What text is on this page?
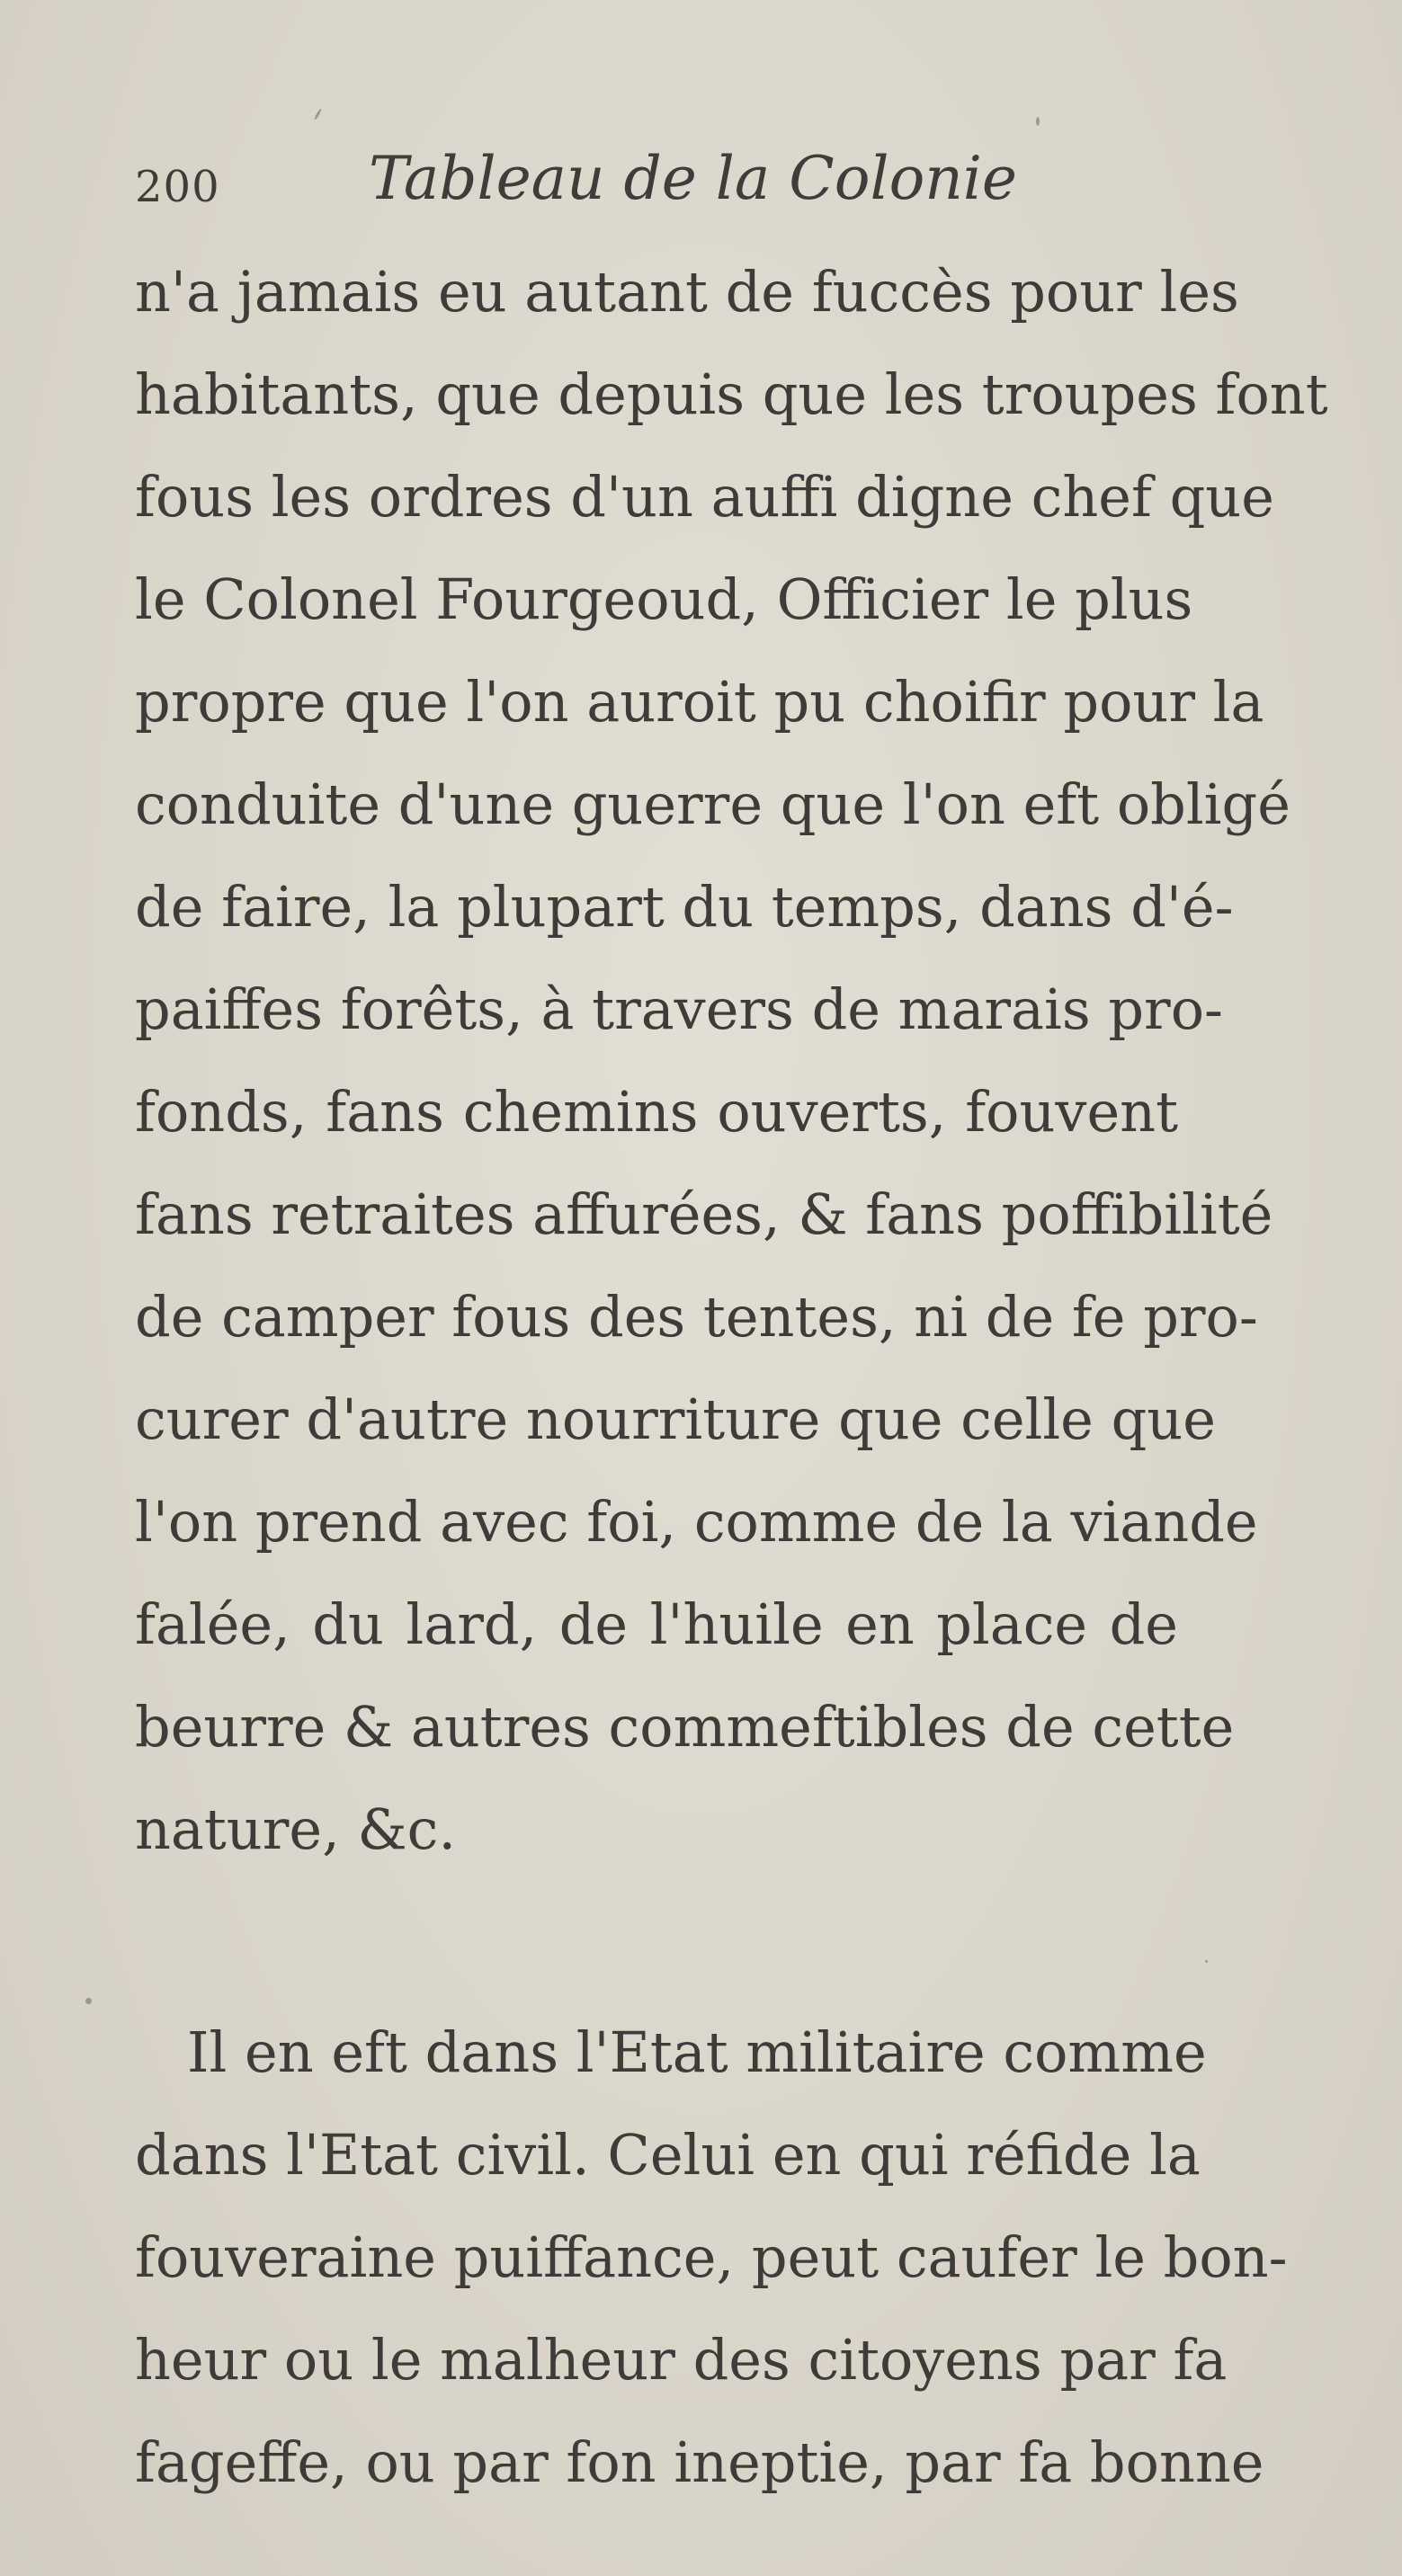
200	Tableau de la Colonie
n'a jamais eu autant de fuccès pour les
habitants, que depuis que les troupes font
fous les ordres d'un auffi digne chef que
le Colonel Fourgeoud, Officier le plus
propre que l'on auroit pu choifir pour la
conduite d'une guerre que l'on eft obligé
de faire, la plupart du temps, dans d'é-
paiffes forêts, à travers de marais pro-
fonds, fans chemins ouverts, fouvent
fans retraites affurées, & fans poffibilité
de camper fous des tentes, ni de fe pro-
curer d'autre nourriture que celle que
l'on prend avec foi, comme de la viande
falée, du lard, de l'huile en place de
beurre & autres commeftibles de cette
nature, &c.
Il en eft dans l'Etat militaire comme
dans l'Etat civil. Celui en qui réfide la
fouveraine puiffance, peut caufer le bon-
heur ou le malheur des citoyens par fa
fageffe, ou par fon ineptie, par fa bonne
